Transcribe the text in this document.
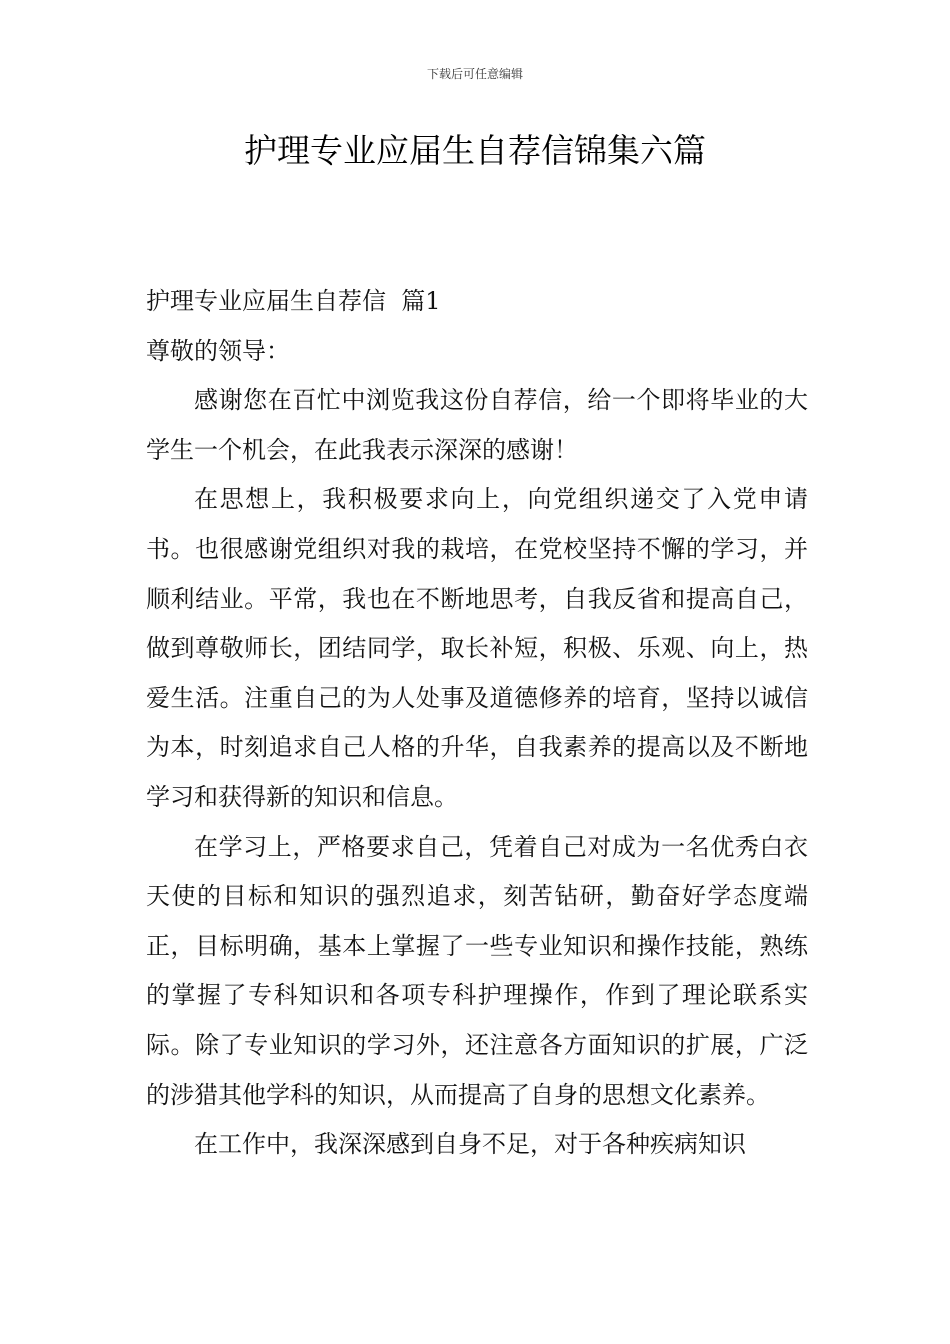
下载后可任意编辑
护理专业应届生自荐信锦集六篇

护理专业应届生自荐信  篇1

尊敬的领导：

感谢您在百忙中浏览我这份自荐信，给一个即将毕业的大学生一个机会，在此我表示深深的感谢！

在思想上，我积极要求向上，向党组织递交了入党申请书。也很感谢党组织对我的栽培，在党校坚持不懈的学习，并顺利结业。平常，我也在不断地思考，自我反省和提高自己，做到尊敬师长，团结同学，取长补短，积极、乐观、向上，热爱生活。注重自己的为人处事及道德修养的培育，坚持以诚信为本，时刻追求自己人格的升华，自我素养的提高以及不断地学习和获得新的知识和信息。

在学习上，严格要求自己，凭着自己对成为一名优秀白衣天使的目标和知识的强烈追求，刻苦钻研，勤奋好学态度端正，目标明确，基本上掌握了一些专业知识和操作技能，熟练的掌握了专科知识和各项专科护理操作，作到了理论联系实际。除了专业知识的学习外，还注意各方面知识的扩展，广泛的涉猎其他学科的知识，从而提高了自身的思想文化素养。

在工作中，我深深感到自身不足，对于各种疾病知识
